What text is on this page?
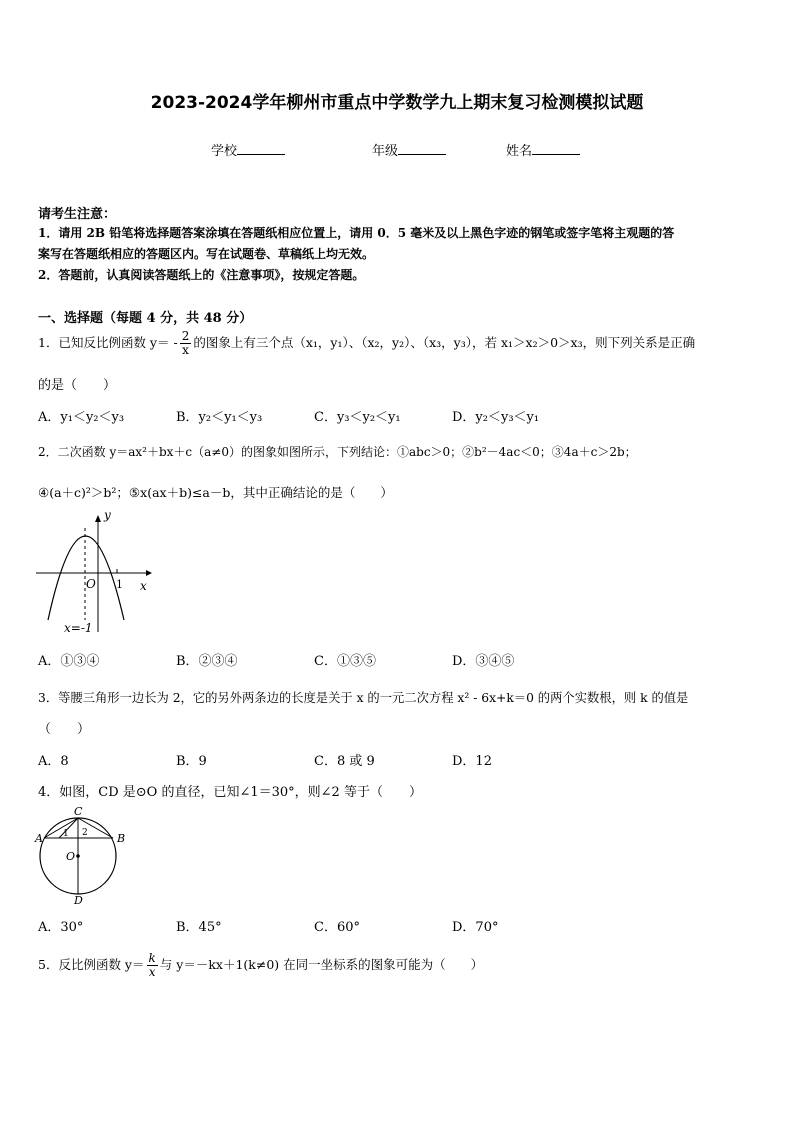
2023-2024学年柳州市重点中学数学九上期末复习检测模拟试题
学校	年级	姓名
请考生注意：
1．请用 2B 铅笔将选择题答案涂填在答题纸相应位置上，请用 0．5 毫米及以上黑色字迹的钢笔或签字笔将主观题的答
案写在答题纸相应的答题区内。写在试题卷、草稿纸上均无效。
2．答题前，认真阅读答题纸上的《注意事项》，按规定答题。
一、选择题（每题 4 分，共 48 分）
1．已知反比例函数 $y= - \frac{2}{x}$ 的图象上有三个点（x₁，y₁）、（x₂，y₂）、（x₃，y₃），若 x₁＞x₂＞0＞x₃，则下列关系是正确
的是（　　）
A．y₁＜y₂＜y₃	B．y₂＜y₁＜y₃	C．y₃＜y₂＜y₁	D．y₂＜y₃＜y₁
2．二次函数 y＝ax²＋bx＋c（a≠0）的图象如图所示，下列结论：①abc＞0；②b²－4ac＜0；③4a＋c＞2b；
④(a＋c)²＞b²；⑤x(ax＋b)≤a－b，其中正确结论的是（　　）
y
x
O 1
x=-1
A．①③④	B．②③④	C．①③⑤	D．③④⑤
3．等腰三角形一边长为 2，它的另外两条边的长度是关于 x 的一元二次方程 x² - 6x+k＝0 的两个实数根，则 k 的值是
（　　）
A．8	B．9	C．8 或 9	D．12
4．如图，CD 是⊙O 的直径，已知∠1＝30°，则∠2 等于（　　）
A	B
C
D
O
1 2
A．30°	B．45°	C．60°	D．70°
5．反比例函数 $y= \frac{k}{x}$ 与 y＝－kx＋1(k≠0) 在同一坐标系的图象可能为（　　）
